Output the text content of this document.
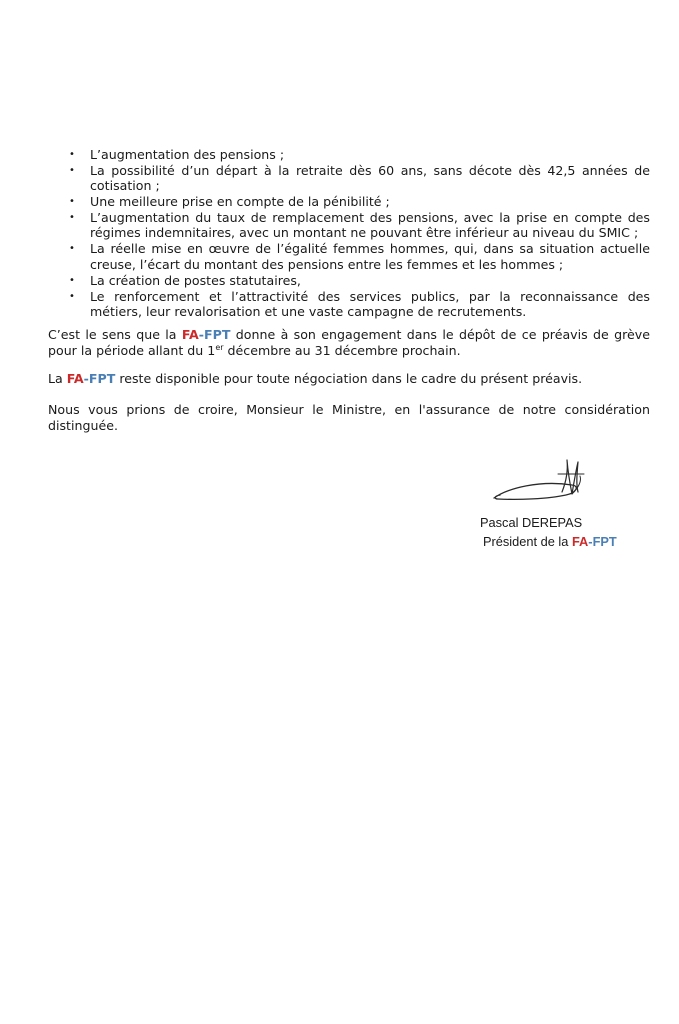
• L’augmentation des pensions ;
• La possibilité d’un départ à la retraite dès 60 ans, sans décote dès 42,5 années de cotisation ;
• Une meilleure prise en compte de la pénibilité ;
• L’augmentation du taux de remplacement des pensions, avec la prise en compte des régimes indemnitaires, avec un montant ne pouvant être inférieur au niveau du SMIC ;
• La réelle mise en œuvre de l’égalité femmes hommes, qui, dans sa situation actuelle creuse, l’écart du montant des pensions entre les femmes et les hommes ;
• La création de postes statutaires,
• Le renforcement et l’attractivité des services publics, par la reconnaissance des métiers, leur revalorisation et une vaste campagne de recrutements.

C’est le sens que la FA-FPT donne à son engagement dans le dépôt de ce préavis de grève pour la période allant du 1er décembre au 31 décembre prochain.

La FA-FPT reste disponible pour toute négociation dans le cadre du présent préavis.

Nous vous prions de croire, Monsieur le Ministre, en l'assurance de notre considération distinguée.

Pascal DEREPAS

Président de la FA-FPT
